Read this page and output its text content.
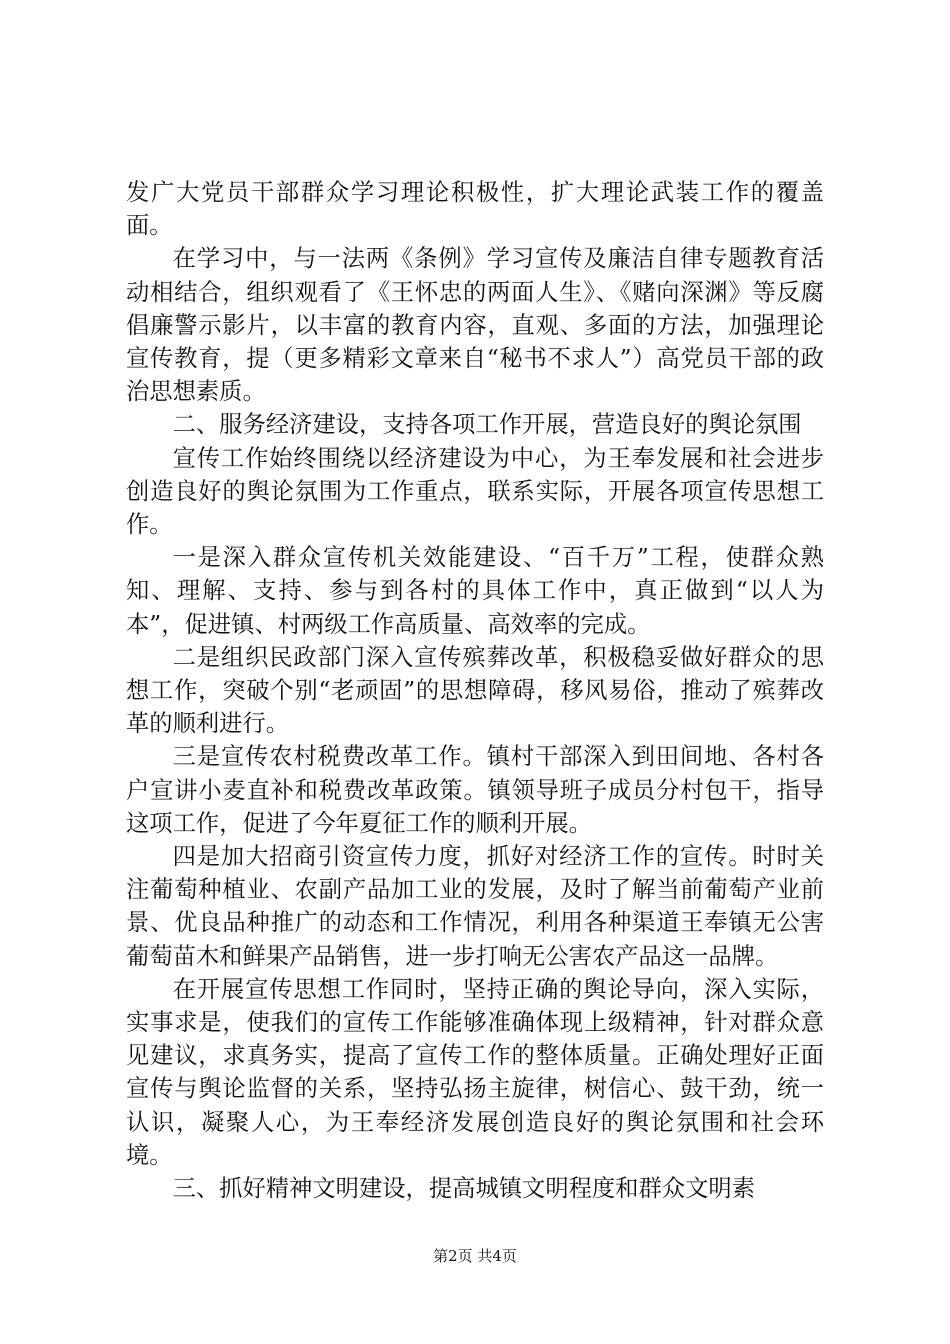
发广大党员干部群众学习理论积极性，扩大理论武装工作的覆盖面。

在学习中，与一法两《条例》学习宣传及廉洁自律专题教育活动相结合，组织观看了《王怀忠的两面人生》、《赌向深渊》等反腐倡廉警示影片，以丰富的教育内容，直观、多面的方法，加强理论宣传教育，提（更多精彩文章来自“秘书不求人”）高党员干部的政治思想素质。

二、服务经济建设，支持各项工作开展，营造良好的舆论氛围

宣传工作始终围绕以经济建设为中心，为王奉发展和社会进步创造良好的舆论氛围为工作重点，联系实际，开展各项宣传思想工作。

一是深入群众宣传机关效能建设、“百千万”工程，使群众熟知、理解、支持、参与到各村的具体工作中，真正做到“以人为本”，促进镇、村两级工作高质量、高效率的完成。

二是组织民政部门深入宣传殡葬改革，积极稳妥做好群众的思想工作，突破个别“老顽固”的思想障碍，移风易俗，推动了殡葬改革的顺利进行。

三是宣传农村税费改革工作。镇村干部深入到田间地、各村各户宣讲小麦直补和税费改革政策。镇领导班子成员分村包干，指导这项工作，促进了今年夏征工作的顺利开展。

四是加大招商引资宣传力度，抓好对经济工作的宣传。时时关注葡萄种植业、农副产品加工业的发展，及时了解当前葡萄产业前景、优良品种推广的动态和工作情况，利用各种渠道王奉镇无公害葡萄苗木和鲜果产品销售，进一步打响无公害农产品这一品牌。

在开展宣传思想工作同时，坚持正确的舆论导向，深入实际，实事求是，使我们的宣传工作能够准确体现上级精神，针对群众意见建议，求真务实，提高了宣传工作的整体质量。正确处理好正面宣传与舆论监督的关系，坚持弘扬主旋律，树信心、鼓干劲，统一认识，凝聚人心，为王奉经济发展创造良好的舆论氛围和社会环境。

三、抓好精神文明建设，提高城镇文明程度和群众文明素

第2页 共4页
